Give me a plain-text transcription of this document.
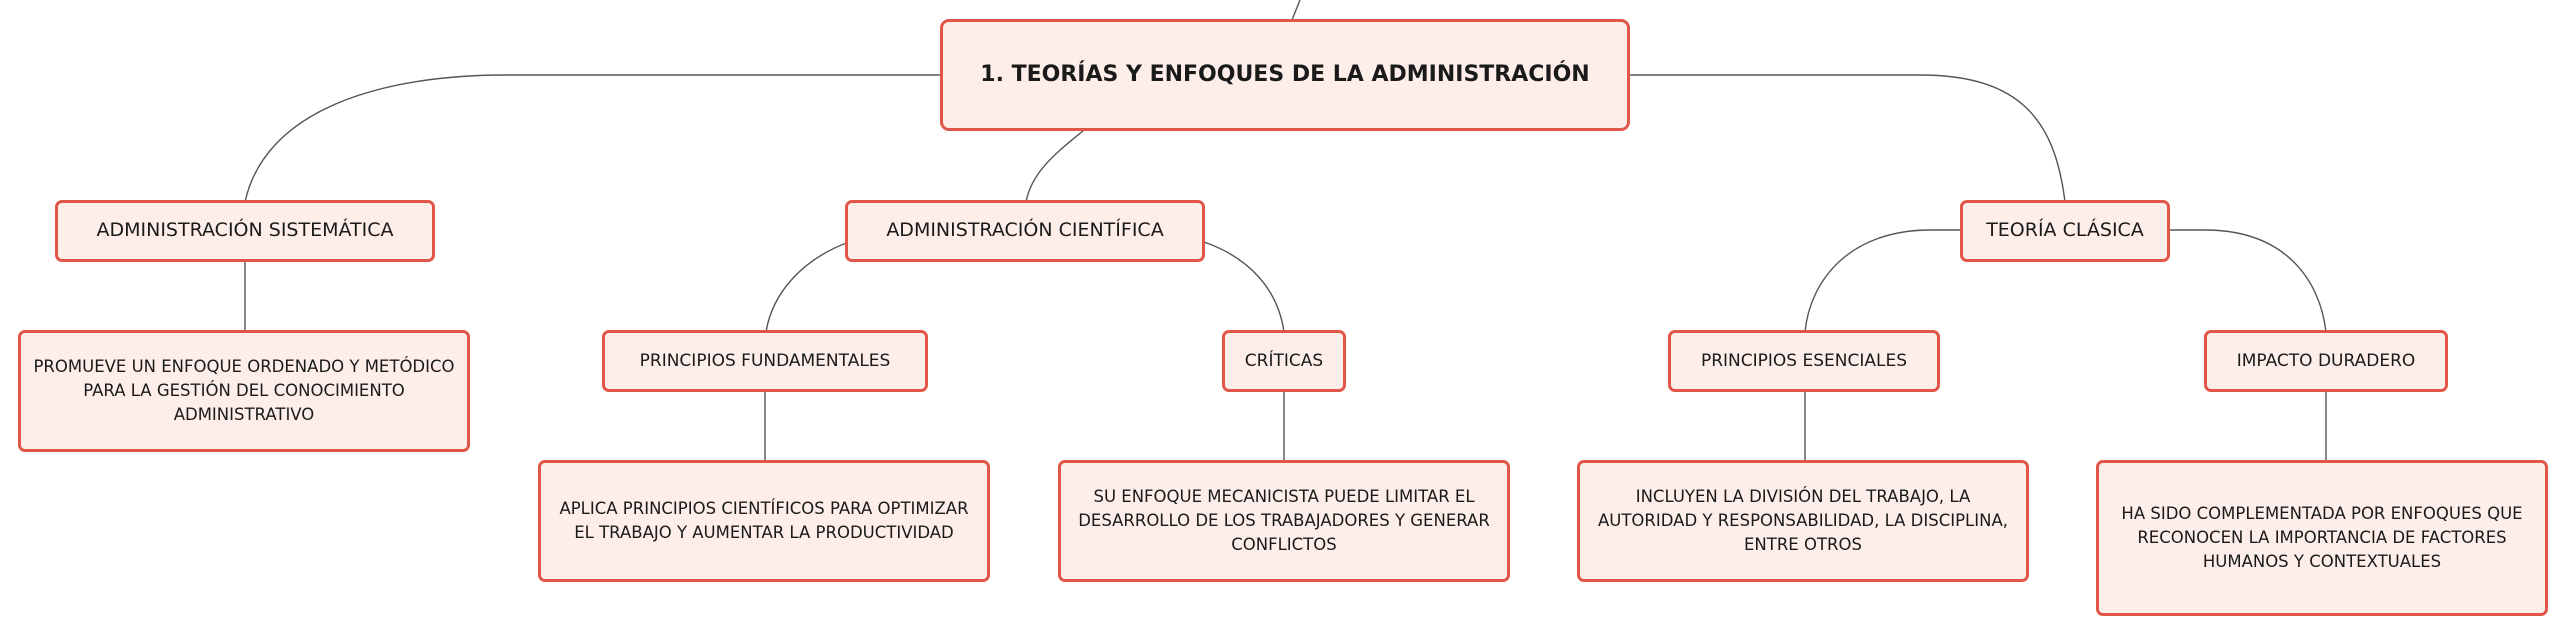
1. TEORÍAS Y ENFOQUES DE LA ADMINISTRACIÓN
ADMINISTRACIÓN SISTEMÁTICA	ADMINISTRACIÓN CIENTÍFICA	TEORÍA CLÁSICA
PRINCIPIOS FUNDAMENTALES	CRÍTICAS	PRINCIPIOS ESENCIALES	IMPACTO DURADERO
PROMUEVE UN ENFOQUE ORDENADO Y METÓDICO PARA LA GESTIÓN DEL CONOCIMIENTO ADMINISTRATIVO
APLICA PRINCIPIOS CIENTÍFICOS PARA OPTIMIZAR EL TRABAJO Y AUMENTAR LA PRODUCTIVIDAD
SU ENFOQUE MECANICISTA PUEDE LIMITAR EL DESARROLLO DE LOS TRABAJADORES Y GENERAR CONFLICTOS
INCLUYEN LA DIVISIÓN DEL TRABAJO, LA AUTORIDAD Y RESPONSABILIDAD, LA DISCIPLINA, ENTRE OTROS
HA SIDO COMPLEMENTADA POR ENFOQUES QUE RECONOCEN LA IMPORTANCIA DE FACTORES HUMANOS Y CONTEXTUALES
